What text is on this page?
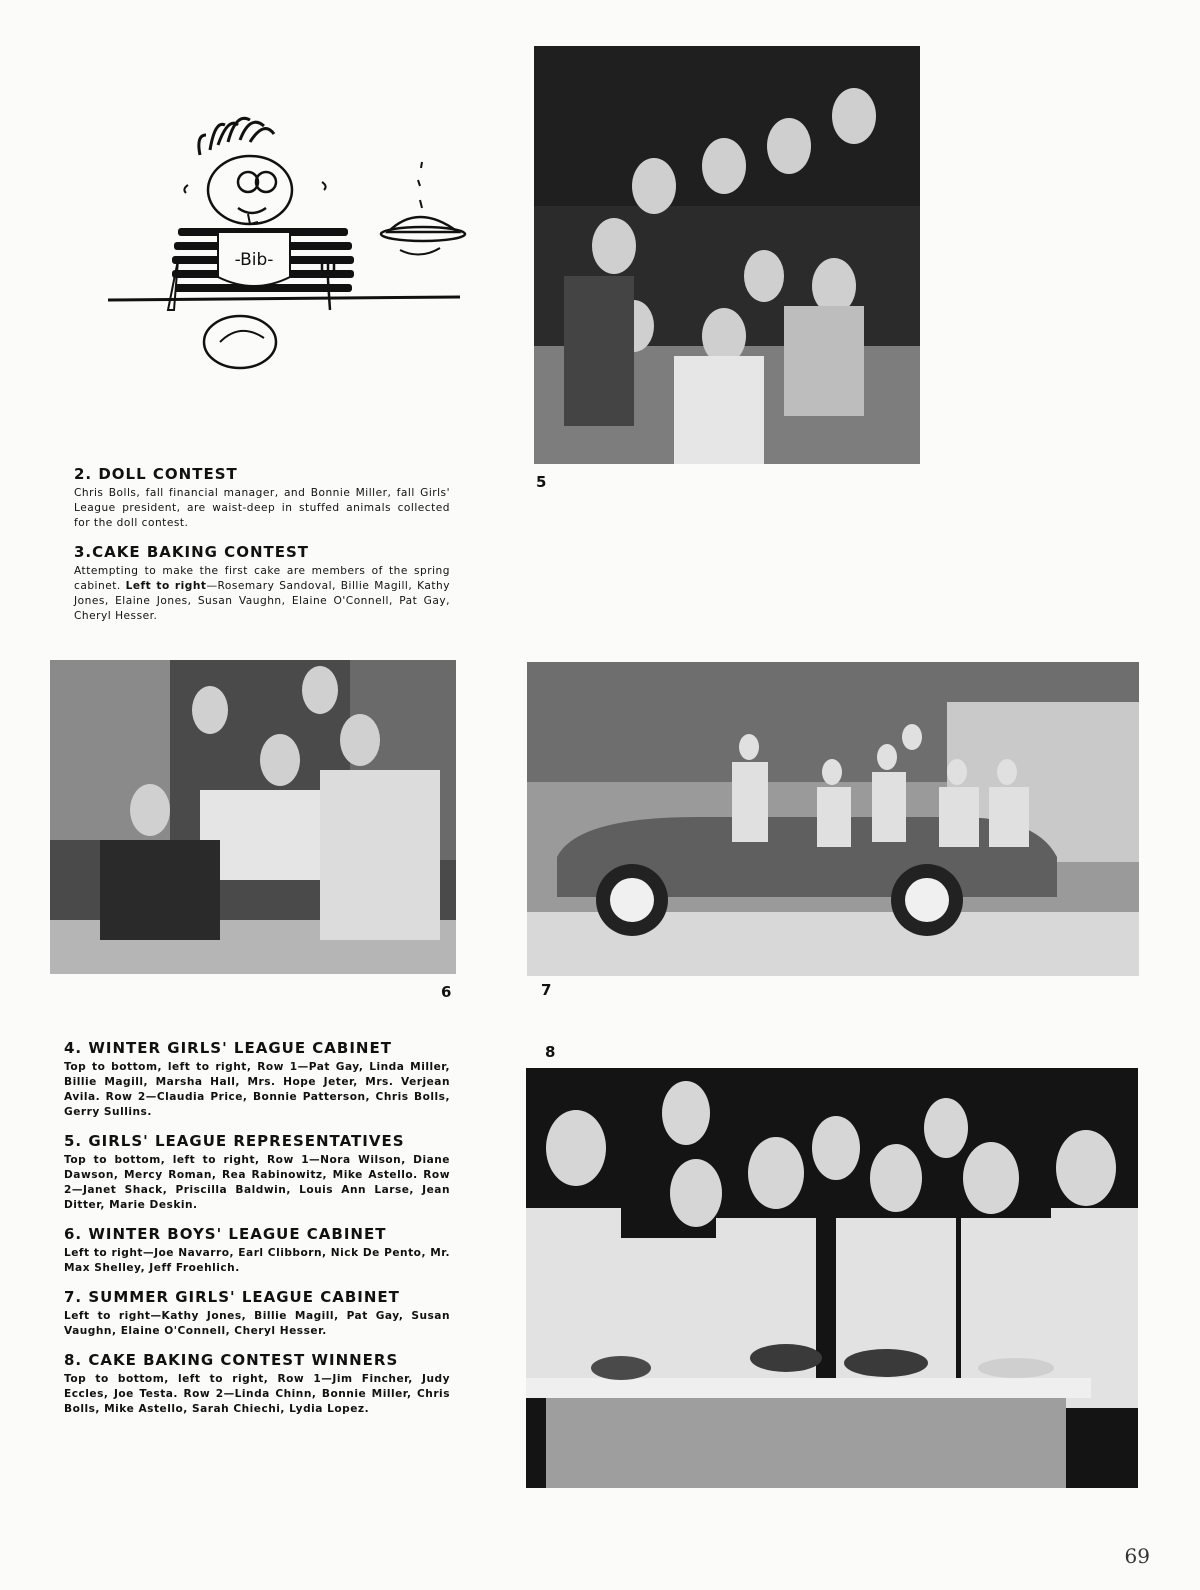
-Bib-
5
2. DOLL CONTEST

Chris Bolls, fall financial manager, and Bonnie Miller, fall Girls' League president, are waist-deep in stuffed animals collected for the doll contest.

3.CAKE BAKING CONTEST

Attempting to make the first cake are members of the spring cabinet. Left to right—Rosemary Sandoval, Billie Magill, Kathy Jones, Elaine Jones, Susan Vaughn, Elaine O'Connell, Pat Gay, Cheryl Hesser.

6	7
4. WINTER GIRLS' LEAGUE CABINET

Top to bottom, left to right, Row 1—Pat Gay, Linda Miller, Billie Magill, Marsha Hall, Mrs. Hope Jeter, Mrs. Verjean Avila. Row 2—Claudia Price, Bonnie Patterson, Chris Bolls, Gerry Sullins.

5. GIRLS' LEAGUE REPRESENTATIVES

Top to bottom, left to right, Row 1—Nora Wilson, Diane Dawson, Mercy Roman, Rea Rabinowitz, Mike Astello. Row 2—Janet Shack, Priscilla Baldwin, Louis Ann Larse, Jean Ditter, Marie Deskin.

6. WINTER BOYS' LEAGUE CABINET

Left to right—Joe Navarro, Earl Clibborn, Nick De Pento, Mr. Max Shelley, Jeff Froehlich.

7. SUMMER GIRLS' LEAGUE CABINET

Left to right—Kathy Jones, Billie Magill, Pat Gay, Susan Vaughn, Elaine O'Connell, Cheryl Hesser.

8. CAKE BAKING CONTEST WINNERS

Top to bottom, left to right, Row 1—Jim Fincher, Judy Eccles, Joe Testa. Row 2—Linda Chinn, Bonnie Miller, Chris Bolls, Mike Astello, Sarah Chiechi, Lydia Lopez.

8
69
